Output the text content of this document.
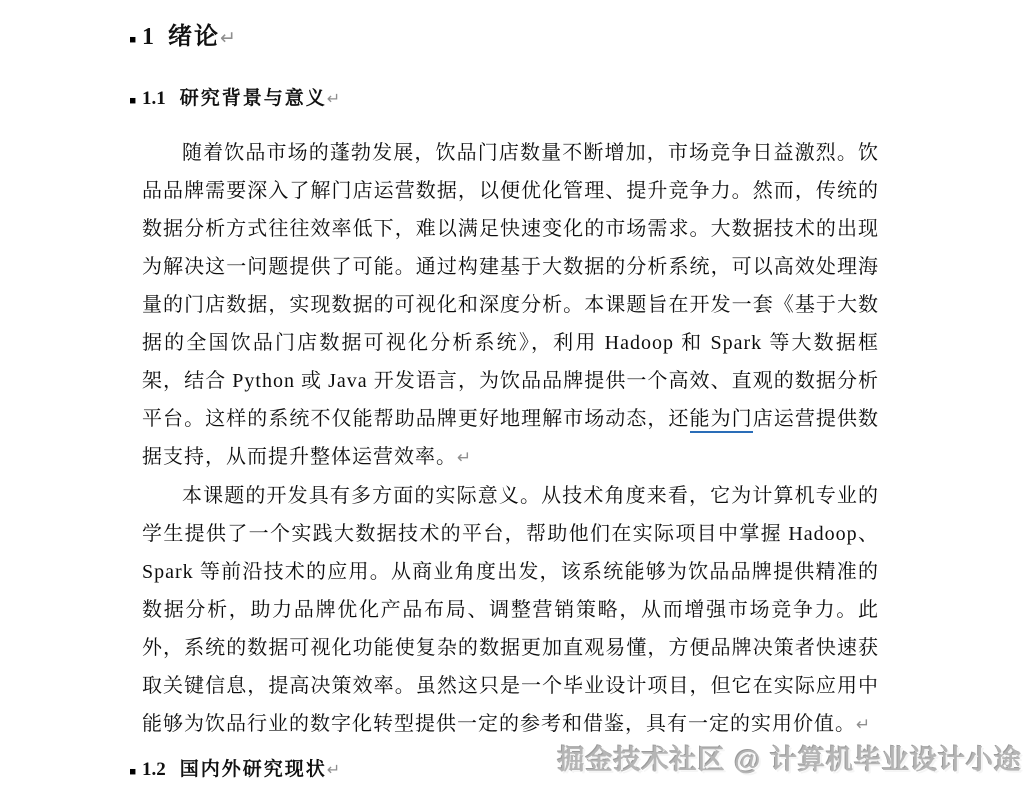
▪ 1 绪论↵
▪ 1.1 研究背景与意义↵

随着饮品市场的蓬勃发展，饮品门店数量不断增加，市场竞争日益激烈。饮品品牌需要深入了解门店运营数据，以便优化管理、提升竞争力。然而，传统的数据分析方式往往效率低下，难以满足快速变化的市场需求。大数据技术的出现为解决这一问题提供了可能。通过构建基于大数据的分析系统，可以高效处理海量的门店数据，实现数据的可视化和深度分析。本课题旨在开发一套《基于大数据的全国饮品门店数据可视化分析系统》，利用 Hadoop 和 Spark 等大数据框架，结合 Python 或 Java 开发语言，为饮品品牌提供一个高效、直观的数据分析平台。这样的系统不仅能帮助品牌更好地理解市场动态，还能为门店运营提供数据支持，从而提升整体运营效率。↵

本课题的开发具有多方面的实际意义。从技术角度来看，它为计算机专业的学生提供了一个实践大数据技术的平台，帮助他们在实际项目中掌握 Hadoop、Spark 等前沿技术的应用。从商业角度出发，该系统能够为饮品品牌提供精准的数据分析，助力品牌优化产品布局、调整营销策略，从而增强市场竞争力。此外，系统的数据可视化功能使复杂的数据更加直观易懂，方便品牌决策者快速获取关键信息，提高决策效率。虽然这只是一个毕业设计项目，但它在实际应用中能够为饮品行业的数字化转型提供一定的参考和借鉴，具有一定的实用价值。↵

▪ 1.2 国内外研究现状↵	掘金技术社区 @ 计算机毕业设计小途
